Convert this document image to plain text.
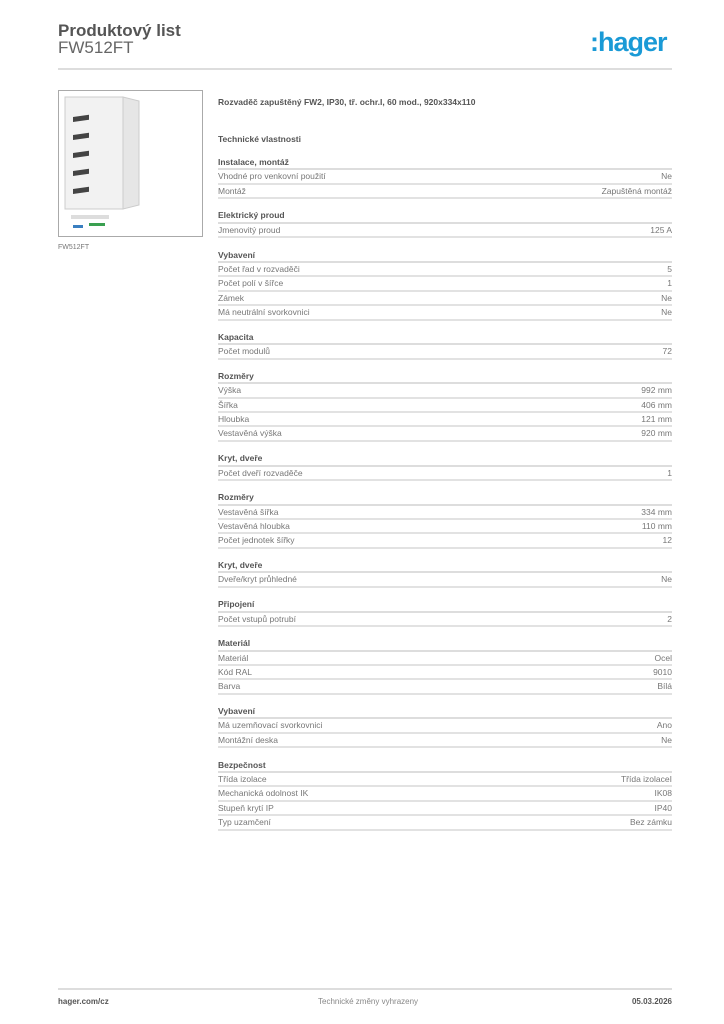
Produktový list
FW512FT	:hager
FW512FT
Rozvaděč zapuštěný FW2, IP30, tř. ochr.I, 60 mod., 920x334x110
Technické vlastnosti
Instalace, montáž
Vhodné pro venkovní použití	Ne
Montáž	Zapuštěná montáž
Elektrický proud
Jmenovitý proud	125 A
Vybavení
Počet řad v rozvaděči	5
Počet polí v šířce	1
Zámek	Ne
Má neutrální svorkovnici	Ne
Kapacita
Počet modulů	72
Rozměry
Výška	992 mm
Šířka	406 mm
Hloubka	121 mm
Vestavěná výška	920 mm
Kryt, dveře
Počet dveří rozvaděče	1
Rozměry
Vestavěná šířka	334 mm
Vestavěná hloubka	110 mm
Počet jednotek šířky	12
Kryt, dveře
Dveře/kryt průhledné	Ne
Připojení
Počet vstupů potrubí	2
Materiál
Materiál	Ocel
Kód RAL	9010
Barva	Bílá
Vybavení
Má uzemňovací svorkovnici	Ano
Montážní deska	Ne
Bezpečnost
Třída izolace	Třída izolaceI
Mechanická odolnost IK	IK08
Stupeň krytí IP	IP40
Typ uzamčení	Bez zámku
hager.com/cz	Technické změny vyhrazeny	05.03.2026
